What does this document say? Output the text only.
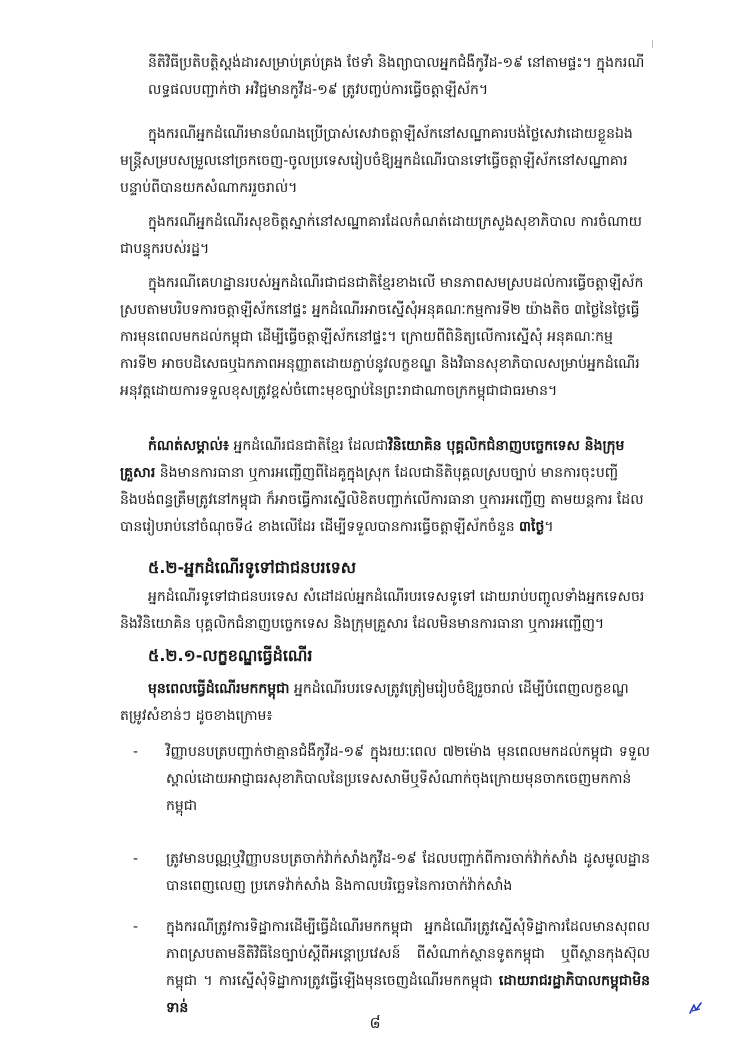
នីតិវិធីប្រតិបត្តិស្តង់ដារសម្រាប់គ្រប់គ្រង ថែទាំ និងព្យាបាលអ្នកជំងឺកូវីដ-១៩ នៅតាមផ្ទះ។ ក្នុងករណីលទ្ធផលបញ្ជាក់ថា អវិជ្ជមានកូវីដ-១៩ ត្រូវបញ្ចប់ការធ្វើចត្តាឡីស័ក។

ក្នុងករណីអ្នកដំណើរមានបំណងប្រើប្រាស់សេវាចត្តាឡីស័កនៅសណ្ឋាគារបង់ថ្លៃសេវាដោយខ្លួនឯង មន្ត្រីសម្របសម្រួលនៅច្រកចេញ-ចូលប្រទេសរៀបចំឱ្យអ្នកដំណើរបានទៅធ្វើចត្តាឡីស័កនៅសណ្ឋាគារ បន្ទាប់ពីបានយកសំណាកររួចរាល់។

ក្នុងករណីអ្នកដំណើរសុខចិត្តស្នាក់នៅសណ្ឋាគារដែលកំណត់ដោយក្រសួងសុខាភិបាល ការចំណាយជាបន្ទុករបស់រដ្ឋ។

ក្នុងករណីគេហដ្ឋានរបស់អ្នកដំណើរជាជនជាតិខ្មែរខាងលើ មានភាពសមស្របដល់ការធ្វើចត្តាឡីស័កស្របតាមបរិបទការចត្តាឡីស័កនៅផ្ទះ អ្នកដំណើរអាចស្នើសុំអនុគណៈកម្មការទី២ យ៉ាងតិច ៣ថ្ងៃនៃថ្ងៃធ្វើការមុនពេលមកដល់កម្ពុជា ដើម្បីធ្វើចត្តាឡីស័កនៅផ្ទះ។ ក្រោយពីពិនិត្យលើការស្នើសុំ អនុគណៈកម្មការទី២ អាចបដិសេធឬឯកភាពអនុញ្ញាតដោយភ្ជាប់នូវលក្ខខណ្ឌ និងវិធានសុខាភិបាលសម្រាប់អ្នកដំណើរអនុវត្តដោយការទទួលខុសត្រូវខ្ពស់ចំពោះមុខច្បាប់នៃព្រះរាជាណាចក្រកម្ពុជាជាធរមាន។

កំណត់សម្គាល់៖ អ្នកដំណើរជនជាតិខ្មែរ ដែលជាវិនិយោគិន បុគ្គលិកជំនាញបច្ចេកទេស និងក្រុមគ្រួសារ និងមានការធានា ឬការអញ្ជើញពីដៃគូក្នុងស្រុក ដែលជានីតិបុគ្គលស្របច្បាប់ មានការចុះបញ្ជី និងបង់ពន្ធត្រឹមត្រូវនៅកម្ពុជា ក៏អាចធ្វើការស្នើលិខិតបញ្ជាក់លើការធានា ឬការអញ្ជើញ តាមយន្តការ ដែលបានរៀបរាប់នៅចំណុចទី៤ ខាងលើដែរ ដើម្បីទទួលបានការធ្វើចត្តាឡីស័កចំនួន ៣ថ្ងៃ។

៥.២-អ្នកដំណើរទូទៅជាជនបរទេស

អ្នកដំណើរទូទៅជាជនបរទេស សំដៅដល់អ្នកដំណើរបរទេសទូទៅ ដោយរាប់បញ្ចូលទាំងអ្នកទេសចរ និងវិនិយោគិន បុគ្គលិកជំនាញបច្ចេកទេស និងក្រុមគ្រួសារ ដែលមិនមានការធានា ឬការអញ្ជើញ។

៥.២.១-លក្ខខណ្ឌធ្វើដំណើរ

មុនពេលធ្វើដំណើរមកកម្ពុជា អ្នកដំណើរបរទេសត្រូវត្រៀមរៀបចំឱ្យរួចរាល់ ដើម្បីបំពេញលក្ខខណ្ឌតម្រូវសំខាន់ៗ ដូចខាងក្រោម៖

- វិញ្ញាបនបត្របញ្ជាក់ថាគ្មានជំងឺកូវីដ-១៩ ក្នុងរយៈពេល ៧២ម៉ោង មុនពេលមកដល់កម្ពុជា ទទួលស្គាល់ដោយអាជ្ញាធរសុខាភិបាលនៃប្រទេសសាមីឬទីសំណាក់ចុងក្រោយមុនចាកចេញមកកាន់កម្ពុជា

- ត្រូវមានបណ្ណឬវិញ្ញាបនបត្រចាក់វ៉ាក់សាំងកូវីដ-១៩ ដែលបញ្ជាក់ពីការចាក់វ៉ាក់សាំង ដូសមូលដ្ឋានបានពេញលេញ ប្រភេទវ៉ាក់សាំង និងកាលបរិច្ឆេទនៃការចាក់វ៉ាក់សាំង

- ក្នុងករណីត្រូវការទិដ្ឋាការដើម្បីធ្វើដំណើរមកកម្ពុជា អ្នកដំណើរត្រូវស្នើសុំទិដ្ឋាការដែលមានសុពលភាពស្របតាមនីតិវិធីនៃច្បាប់ស្តីពីអន្តោប្រវេសន៍ ពីសំណាក់ស្ថានទូតកម្ពុជា ឬពីស្ថានកុងស៊ុលកម្ពុជា ។ ការស្នើសុំទិដ្ឋាការត្រូវធ្វើឡើងមុនចេញដំណើរមកកម្ពុជា ដោយរាជរដ្ឋាភិបាលកម្ពុជាមិនទាន់

៨
